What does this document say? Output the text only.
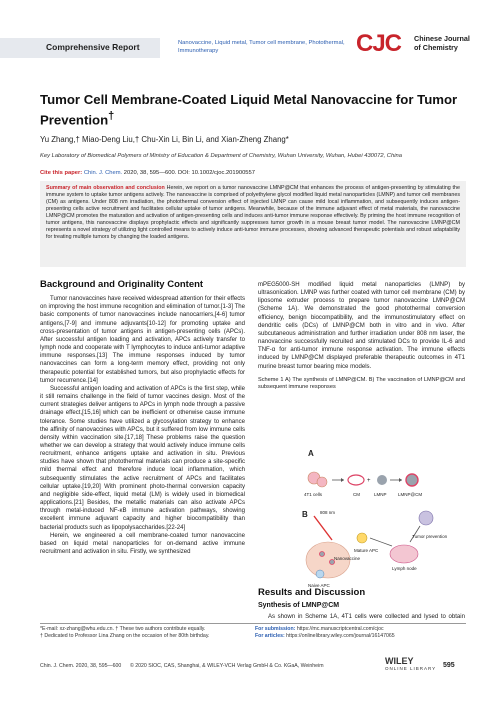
Comprehensive Report	Nanovaccine, Liquid metal, Tumor cell membrane, Photothermal, Immunotherapy	CJC Chinese Journal
of Chemistry
Tumor Cell Membrane-Coated Liquid Metal Nanovaccine for Tumor Prevention†
Yu Zhang,† Miao-Deng Liu,† Chu-Xin Li, Bin Li, and Xian-Zheng Zhang*
Key Laboratory of Biomedical Polymers of Ministry of Education & Department of Chemistry, Wuhan University, Wuhan, Hubei 430072, China
Cite this paper: Chin. J. Chem. 2020, 38, 595—600. DOI: 10.1002/cjoc.201900557
Summary of main observation and conclusion Herein, we report on a tumor nanovaccine LMNP@CM that enhances the process of antigen-presenting by stimulating the immune system to uptake tumor antigens actively. The nanovaccine is comprised of polyethylene glycol modified liquid metal nanoparticles (LMNP) and tumor cell membranes (CM) as antigens. Under 808 nm irradiation, the photothermal conversion effect of injected LMNP can cause mild local inflammation, and subsequently induces antigen-presenting cells active recruitment and facilitates cellular uptake of tumor antigens. Meanwhile, because of the immune adjuvant effect of metal materials, the nanovaccine LMNP@CM promotes the maturation and activation of antigen-presenting cells and induces anti-tumor immune response effectively. By priming the host immune recognition of tumor antigens, this nanovaccine displays prophylactic effects and significantly suppresses tumor growth in a mouse breast tumor model. The nanovaccine LMNP@CM represents a novel strategy of utilizing light controlled means to actively induce anti-tumor immune processes, showing advanced therapeutic potentials and robust adaptability for treating multiple tumors by changing the loaded antigens.
Background and Originality Content

Tumor nanovaccines have received widespread attention for their effects on improving the host immune recognition and elimination of tumor.[1-3] The basic components of tumor nanovaccines include nanocarriers,[4-6] tumor antigens,[7-9] and immune adjuvants[10-12] for promoting uptake and cross-presentation of tumor antigens in antigen-presenting cells (APCs). After successful antigen loading and activation, APCs actively transfer to lymph node and cooperate with T lymphocytes to induce anti-tumor adaptive immune responses.[13] The immune responses induced by tumor nanovaccines can form a long-term memory effect, providing not only therapeutic potential for established tumors, but also prophylactic effects for tumor recurrence.[14]

Successful antigen loading and activation of APCs is the first step, while it still remains challenge in the field of tumor vaccines design. Most of the current strategies deliver antigens to APCs in lymph node through a passive drainage effect,[15,16] which can be inefficient or otherwise cause immune tolerance. Some studies have utilized a glycosylation strategy to enhance the affinity of nanovaccines with APCs, but it suffered from low immune cells density within vaccination site.[17,18] These problems raise the question whether we can develop a strategy that would actively induce immune cells recruitment, enhance antigens uptake and activation in situ. Previous studies have shown that photothermal materials can produce a site-specific mild thermal effect and therefore induce local inflammation, which subsequently stimulates the active recruitment of APCs and facilitates cellular uptake.[19,20] With prominent photo-thermal conversion capacity and negligible side-effect, liquid metal (LM) is widely used in biomedical applications.[21] Besides, the metallic materials can also activate APCs through metal-induced NF-κB immune activation pathways, showing excellent immune adjuvant capacity and higher biocompatibility than bacterial products such as lipopolysaccharides.[22-24]

Herein, we engineered a cell membrane-coated tumor nanovaccine based on liquid metal nanoparticles for on-demand active immune recruitment and activation in situ. Firstly, we synthesized

mPEG5000-SH modified liquid metal nanoparticles (LMNP) by ultrasonication. LMNP was further coated with tumor cell membrane (CM) by liposome extruder process to prepare tumor nanovaccine LMNP@CM (Scheme 1A). We demonstrated the good photothermal conversion efficiency, benign biocompatibility, and the immunostimulatory effect on dendritic cells (DCs) of LMNP@CM both in vitro and in vivo. After subcutaneous administration and further irradiation under 808 nm laser, the nanovaccine successfully recruited and stimulated DCs to provide IL-6 and TNF-α for anti-tumor immune response activation. The immune effects induced by LMNP@CM displayed preferable therapeutic outcomes in 4T1 murine breast tumor bearing mice models.

Scheme 1 A) The synthesis of LMNP@CM. B) The vaccination of LMNP@CM and subsequent immune responses
A
4T1 cells	CM
+
LMNP	LMNP@CM
B	808 nm
Nanovaccine
Naive APC
Mature APC
Lymph node
Tumor prevention
Results and Discussion
Synthesis of LMNP@CM

As shown in Scheme 1A, 4T1 cells were collected and lysed to obtain

*E-mail: xz-zhang@whu.edu.cn. † These two authors contribute equally.
† Dedicated to Professor Lina Zhang on the occasion of her 80th birthday.
For submission: https://mc.manuscriptcentral.com/cjoc
For articles: https://onlinelibrary.wiley.com/journal/16147065
Chin. J. Chem. 2020, 38, 595—600 © 2020 SIOC, CAS, Shanghai, & WILEY-VCH Verlag GmbH & Co. KGaA, Weinheim	WILEY
ONLINE LIBRARY 595
